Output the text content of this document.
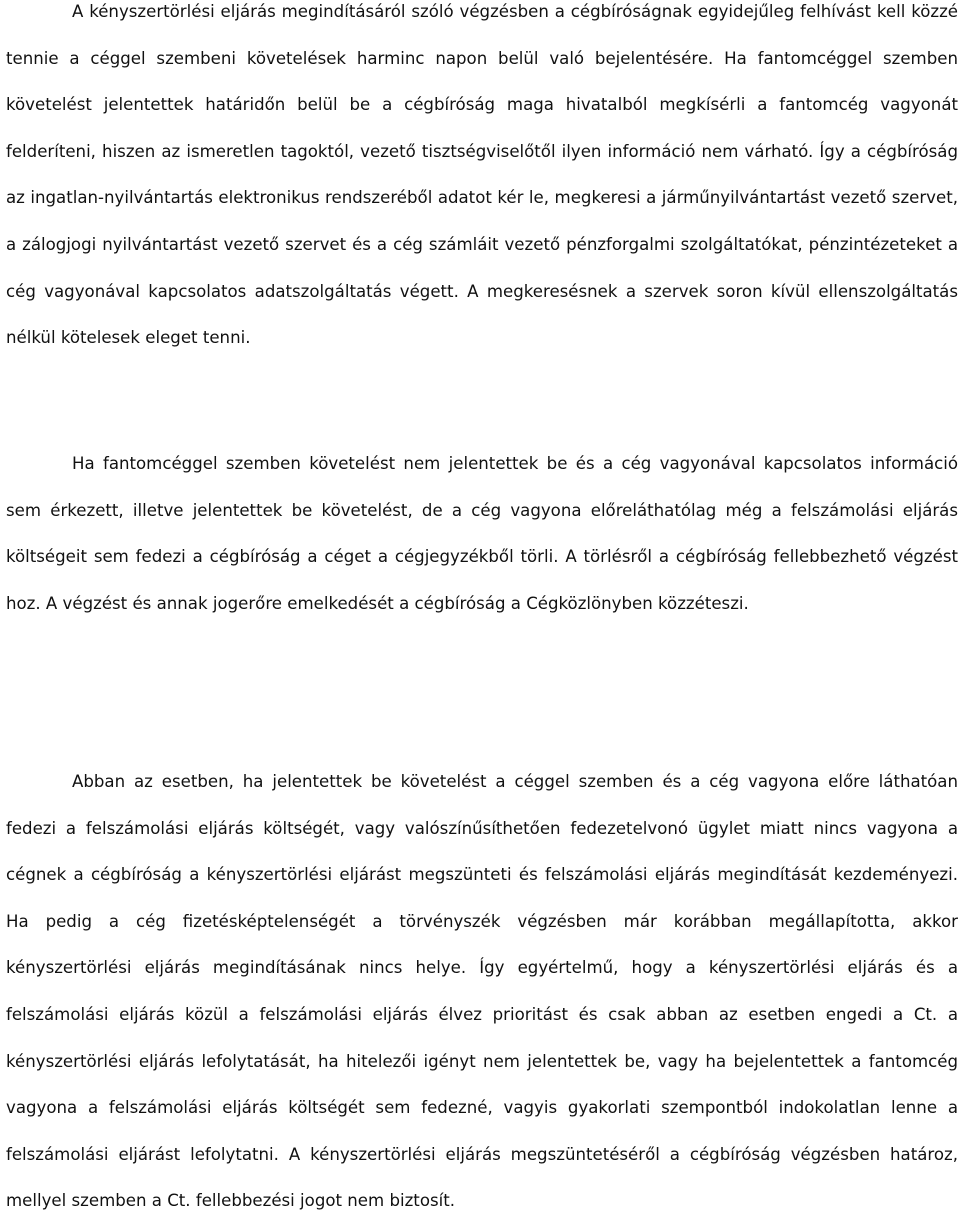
A kényszertörlési eljárás megindításáról szóló végzésben a cégbíróságnak egyidejűleg felhívást kell közzé tennie a céggel szembeni követelések harminc napon belül való bejelentésére. Ha fantomcéggel szemben követelést jelentettek határidőn belül be a cégbíróság maga hivatalból megkísérli a fantomcég vagyonát felderíteni, hiszen az ismeretlen tagoktól, vezető tisztségviselőtől ilyen információ nem várható. Így a cégbíróság az ingatlan-nyilvántartás elektronikus rendszeréből adatot kér le, megkeresi a járműnyilvántartást vezető szervet, a zálogjogi nyilvántartást vezető szervet és a cég számláit vezető pénzforgalmi szolgáltatókat, pénzintézeteket a cég vagyonával kapcsolatos adatszolgáltatás végett. A megkeresésnek a szervek soron kívül ellenszolgáltatás nélkül kötelesek eleget tenni.

Ha fantomcéggel szemben követelést nem jelentettek be és a cég vagyonával kapcsolatos információ sem érkezett, illetve jelentettek be követelést, de a cég vagyona előreláthatólag még a felszámolási eljárás költségeit sem fedezi a cégbíróság a céget a cégjegyzékből törli. A törlésről a cégbíróság fellebbezhető végzést hoz. A végzést és annak jogerőre emelkedését a cégbíróság a Cégközlönyben közzéteszi.

Abban az esetben, ha jelentettek be követelést a céggel szemben és a cég vagyona előre láthatóan fedezi a felszámolási eljárás költségét, vagy valószínűsíthetően fedezetelvonó ügylet miatt nincs vagyona a cégnek a cégbíróság a kényszertörlési eljárást megszünteti és felszámolási eljárás megindítását kezdeményezi. Ha pedig a cég fizetésképtelenségét a törvényszék végzésben már korábban megállapította, akkor kényszertörlési eljárás megindításának nincs helye. Így egyértelmű, hogy a kényszertörlési eljárás és a felszámolási eljárás közül a felszámolási eljárás élvez prioritást és csak abban az esetben engedi a Ct. a kényszertörlési eljárás lefolytatását, ha hitelezői igényt nem jelentettek be, vagy ha bejelentettek a fantomcég vagyona a felszámolási eljárás költségét sem fedezné, vagyis gyakorlati szempontból indokolatlan lenne a felszámolási eljárást lefolytatni. A kényszertörlési eljárás megszüntetéséről a cégbíróság végzésben határoz, mellyel szemben a Ct. fellebbezési jogot nem biztosít.
